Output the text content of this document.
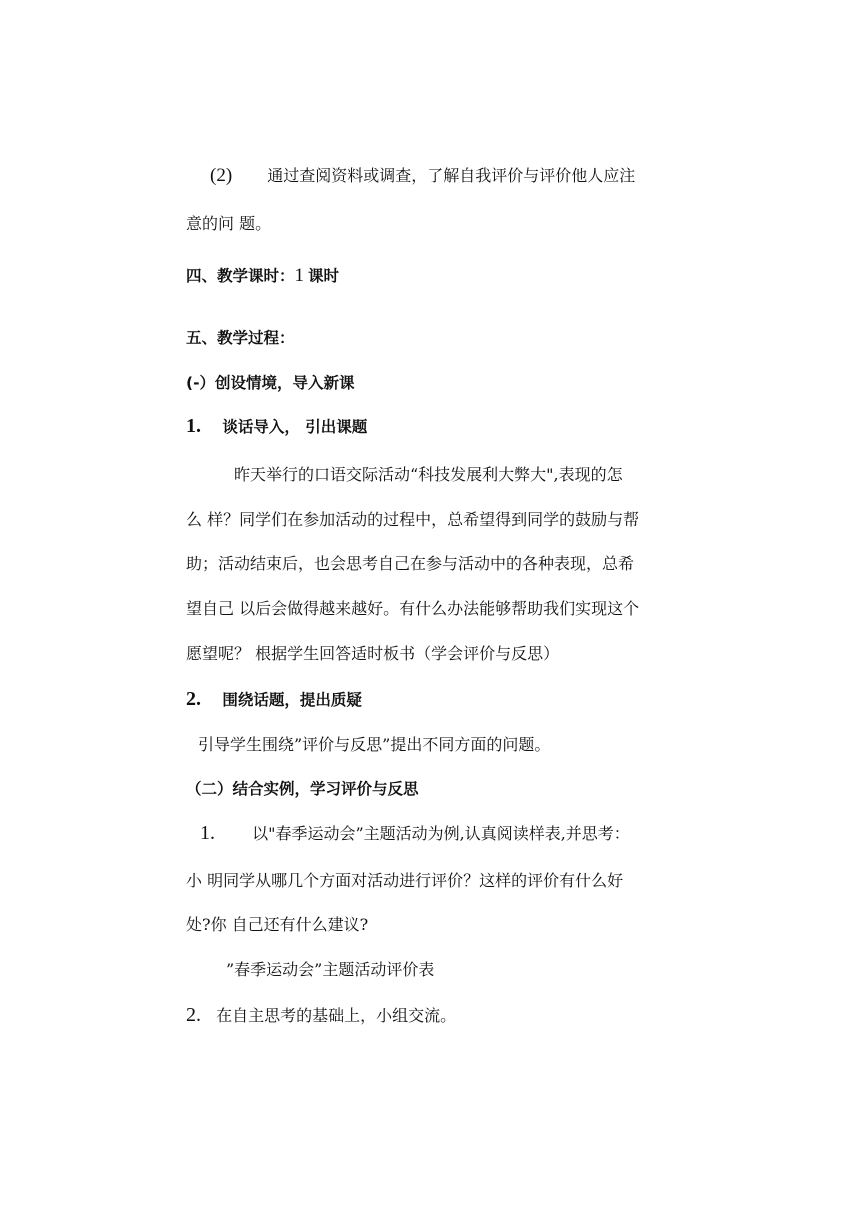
(2) 通过查阅资料或调查，了解自我评价与评价他人应注
意的问 题。
四、教学课时：1 课时
五、教学过程：
(-）创设情境，导入新课
1. 谈话导入， 引出课题
昨天举行的口语交际活动“科技发展利大弊大",表现的怎
么 样？同学们在参加活动的过程中，总希望得到同学的鼓励与帮
助；活动结束后，也会思考自己在参与活动中的各种表现，总希
望自己 以后会做得越来越好。有什么办法能够帮助我们实现这个
愿望呢？ 根据学生回答适时板书（学会评价与反思）
2. 围绕话题，提出质疑
引导学生围绕”评价与反思”提出不同方面的问题。
（二）结合实例，学习评价与反思
1. 以"春季运动会”主题活动为例,认真阅读样表,并思考：
小 明同学从哪几个方面对活动进行评价？这样的评价有什么好
处?你 自己还有什么建议?
”春季运动会”主题活动评价表
2. 在自主思考的基础上，小组交流。
